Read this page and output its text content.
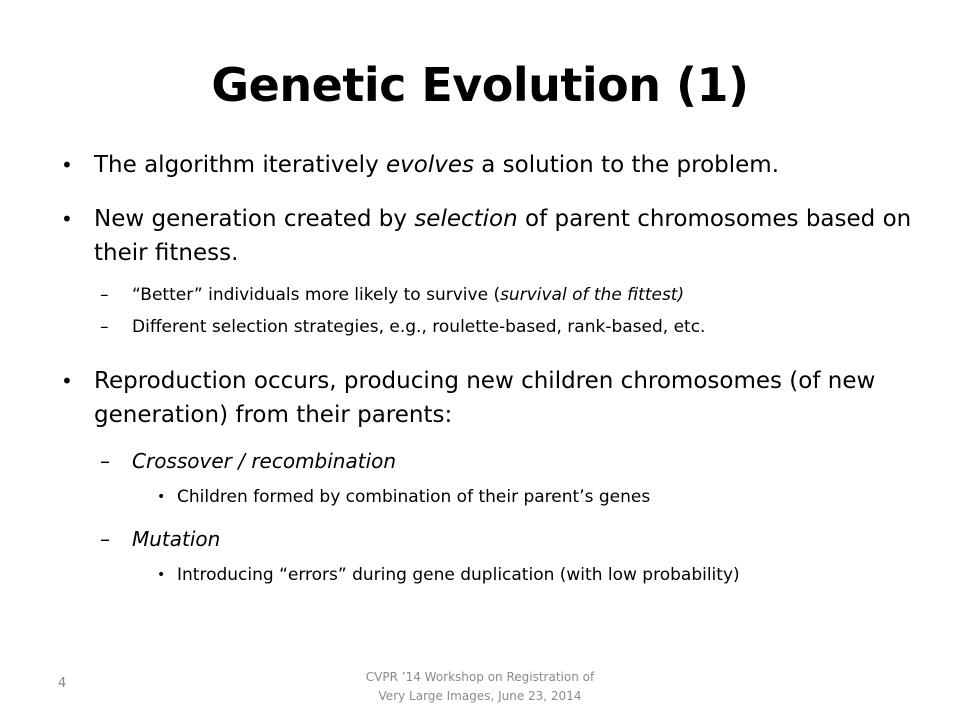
Genetic Evolution (1)

• The algorithm iteratively evolves a solution to the problem.

• New generation created by selection of parent chromosomes based on their fitness.

– “Better” individuals more likely to survive (survival of the fittest)

– Different selection strategies, e.g., roulette-based, rank-based, etc.

• Reproduction occurs, producing new children chromosomes (of new generation) from their parents:

– Crossover / recombination

• Children formed by combination of their parent’s genes

– Mutation

• Introducing “errors” during gene duplication (with low probability)

4	CVPR ’14 Workshop on Registration of
Very Large Images, June 23, 2014
